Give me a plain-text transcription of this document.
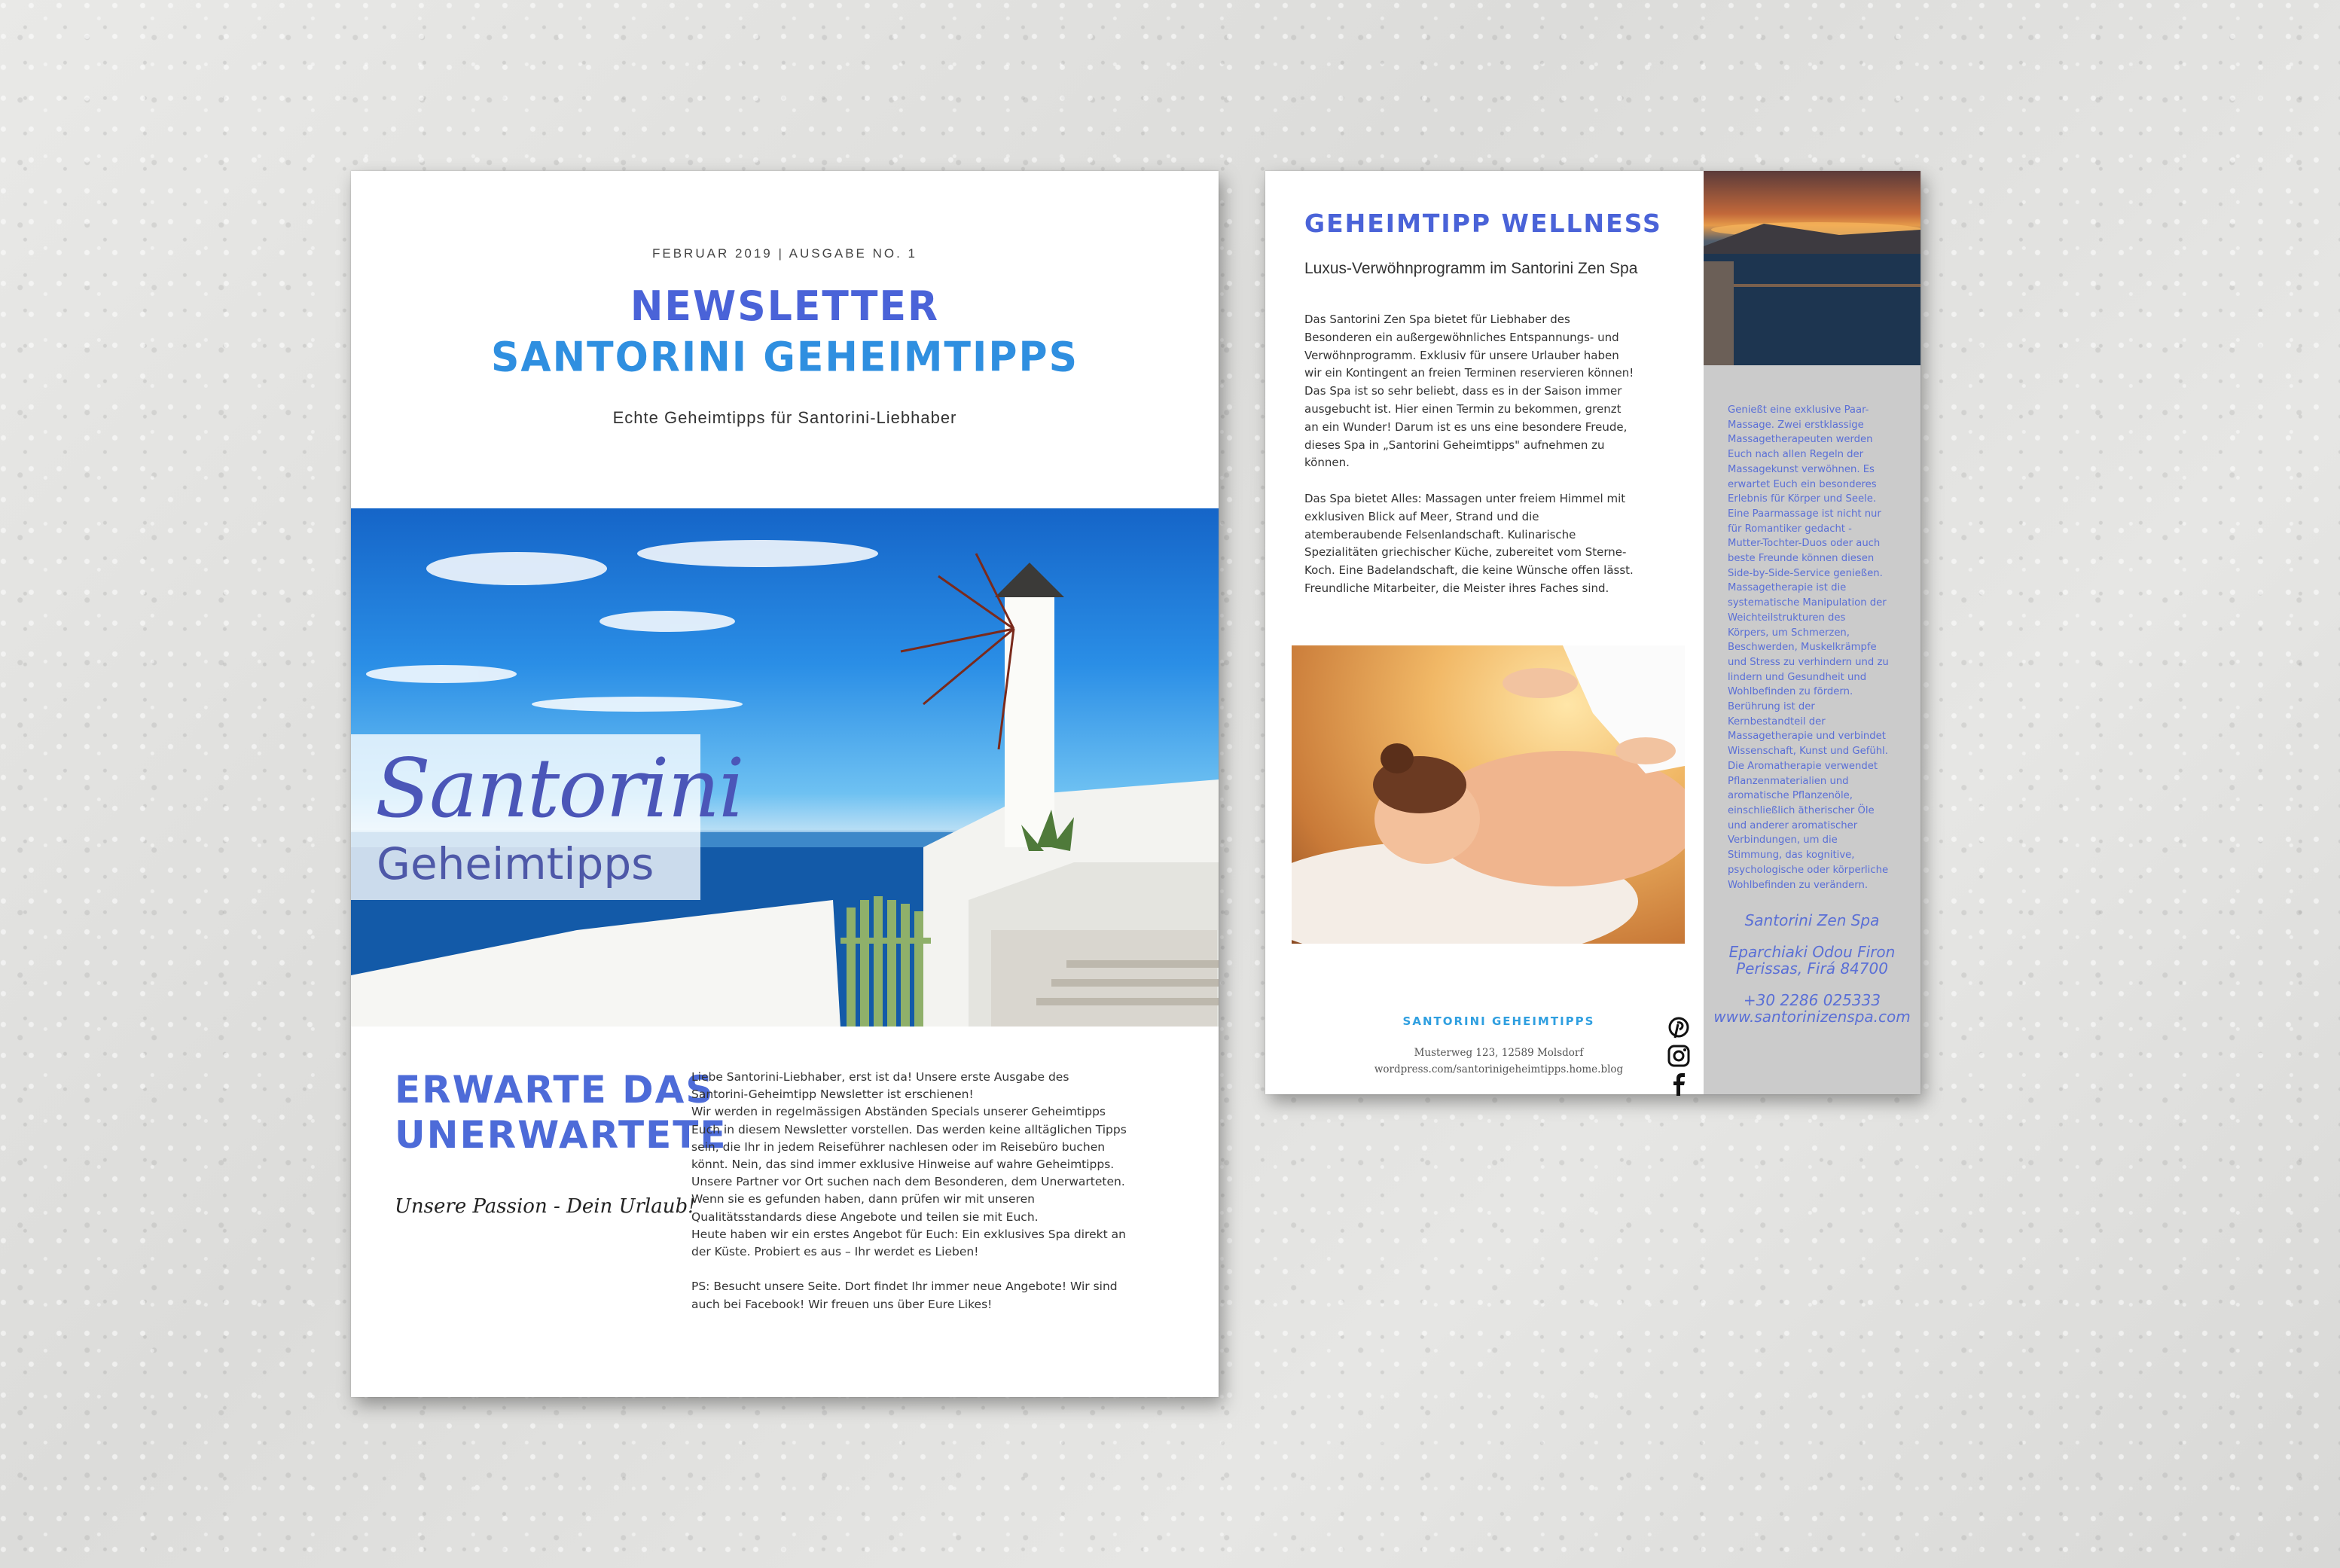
FEBRUAR 2019 | AUSGABE NO. 1
NEWSLETTER
SANTORINI GEHEIMTIPPS
Echte Geheimtipps für Santorini-Liebhaber
Santorini
Geheimtipps
ERWARTE DAS
UNERWARTETE
Unsere Passion - Dein Urlaub!
Liebe Santorini-Liebhaber, erst ist da! Unsere erste Ausgabe des
Santorini-Geheimtipp Newsletter ist erschienen!
Wir werden in regelmässigen Abständen Specials unserer Geheimtipps
Euch in diesem Newsletter vorstellen. Das werden keine alltäglichen Tipps
sein, die Ihr in jedem Reiseführer nachlesen oder im Reisebüro buchen
könnt. Nein, das sind immer exklusive Hinweise auf wahre Geheimtipps.
Unsere Partner vor Ort suchen nach dem Besonderen, dem Unerwarteten.
Wenn sie es gefunden haben, dann prüfen wir mit unseren
Qualitätsstandards diese Angebote und teilen sie mit Euch.
Heute haben wir ein erstes Angebot für Euch: Ein exklusives Spa direkt an
der Küste. Probiert es aus – Ihr werdet es Lieben!

PS: Besucht unsere Seite. Dort findet Ihr immer neue Angebote! Wir sind
auch bei Facebook! Wir freuen uns über Eure Likes!
GEHEIMTIPP WELLNESS
Luxus-Verwöhnprogramm im Santorini Zen Spa
Das Santorini Zen Spa bietet für Liebhaber des
Besonderen ein außergewöhnliches Entspannungs- und
Verwöhnprogramm. Exklusiv für unsere Urlauber haben
wir ein Kontingent an freien Terminen reservieren können!
Das Spa ist so sehr beliebt, dass es in der Saison immer
ausgebucht ist. Hier einen Termin zu bekommen, grenzt
an ein Wunder! Darum ist es uns eine besondere Freude,
dieses Spa in „Santorini Geheimtipps" aufnehmen zu
können.

Das Spa bietet Alles: Massagen unter freiem Himmel mit
exklusiven Blick auf Meer, Strand und die
atemberaubende Felsenlandschaft. Kulinarische
Spezialitäten griechischer Küche, zubereitet vom Sterne-
Koch. Eine Badelandschaft, die keine Wünsche offen lässt.
Freundliche Mitarbeiter, die Meister ihres Faches sind.
Genießt eine exklusive Paar-
Massage. Zwei erstklassige
Massagetherapeuten werden
Euch nach allen Regeln der
Massagekunst verwöhnen. Es
erwartet Euch ein besonderes
Erlebnis für Körper und Seele.
Eine Paarmassage ist nicht nur
für Romantiker gedacht -
Mutter-Tochter-Duos oder auch
beste Freunde können diesen
Side-by-Side-Service genießen.
Massagetherapie ist die
systematische Manipulation der
Weichteilstrukturen des
Körpers, um Schmerzen,
Beschwerden, Muskelkrämpfe
und Stress zu verhindern und zu
lindern und Gesundheit und
Wohlbefinden zu fördern.
Berührung ist der
Kernbestandteil der
Massagetherapie und verbindet
Wissenschaft, Kunst und Gefühl.
Die Aromatherapie verwendet
Pflanzenmaterialien und
aromatische Pflanzenöle,
einschließlich ätherischer Öle
und anderer aromatischer
Verbindungen, um die
Stimmung, das kognitive,
psychologische oder körperliche
Wohlbefinden zu verändern.
Santorini Zen Spa
Eparchiaki Odou Firon
Perissas, Firá 84700
+30 2286 025333
www.santorinizenspa.com
SANTORINI GEHEIMTIPPS
Musterweg 123, 12589 Molsdorf
wordpress.com/santorinigeheimtipps.home.blog
